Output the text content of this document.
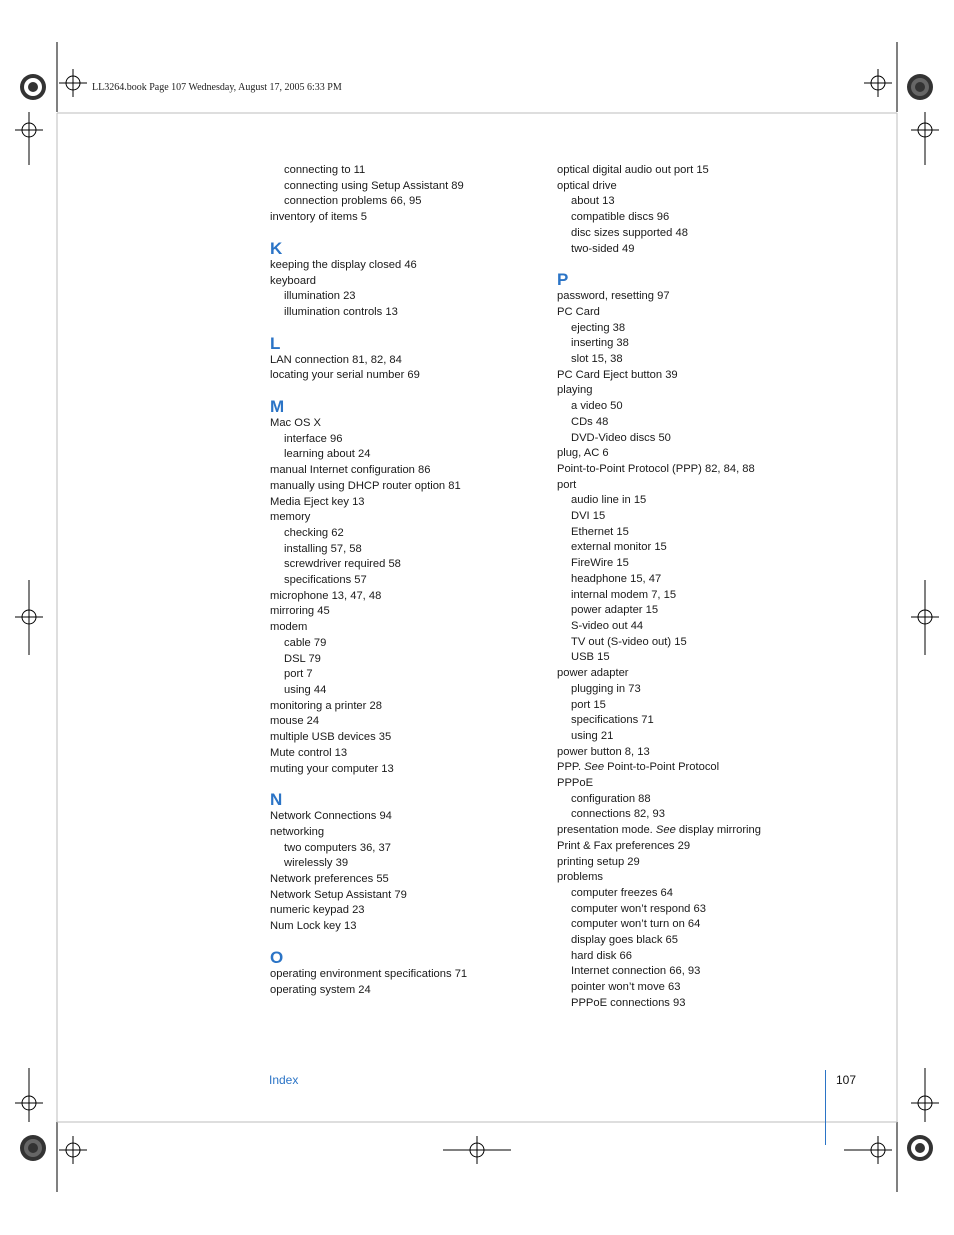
LL3264.book Page 107 Wednesday, August 17, 2005 6:33 PM
connecting to 11
connecting using Setup Assistant 89
connection problems 66, 95
inventory of items 5
K
keeping the display closed 46
keyboard
illumination 23
illumination controls 13
L
LAN connection 81, 82, 84
locating your serial number 69
M
Mac OS X
interface 96
learning about 24
manual Internet configuration 86
manually using DHCP router option 81
Media Eject key 13
memory
checking 62
installing 57, 58
screwdriver required 58
specifications 57
microphone 13, 47, 48
mirroring 45
modem
cable 79
DSL 79
port 7
using 44
monitoring a printer 28
mouse 24
multiple USB devices 35
Mute control 13
muting your computer 13
N
Network Connections 94
networking
two computers 36, 37
wirelessly 39
Network preferences 55
Network Setup Assistant 79
numeric keypad 23
Num Lock key 13
O
operating environment specifications 71
operating system 24
optical digital audio out port 15
optical drive
about 13
compatible discs 96
disc sizes supported 48
two-sided 49
P
password, resetting 97
PC Card
ejecting 38
inserting 38
slot 15, 38
PC Card Eject button 39
playing
a video 50
CDs 48
DVD-Video discs 50
plug, AC 6
Point-to-Point Protocol (PPP) 82, 84, 88
port
audio line in 15
DVI 15
Ethernet 15
external monitor 15
FireWire 15
headphone 15, 47
internal modem 7, 15
power adapter 15
S-video out 44
TV out (S-video out) 15
USB 15
power adapter
plugging in 73
port 15
specifications 71
using 21
power button 8, 13
PPP. See Point-to-Point Protocol
PPPoE
configuration 88
connections 82, 93
presentation mode. See display mirroring
Print & Fax preferences 29
printing setup 29
problems
computer freezes 64
computer won’t respond 63
computer won’t turn on 64
display goes black 65
hard disk 66
Internet connection 66, 93
pointer won’t move 63
PPPoE connections 93
Index	107
